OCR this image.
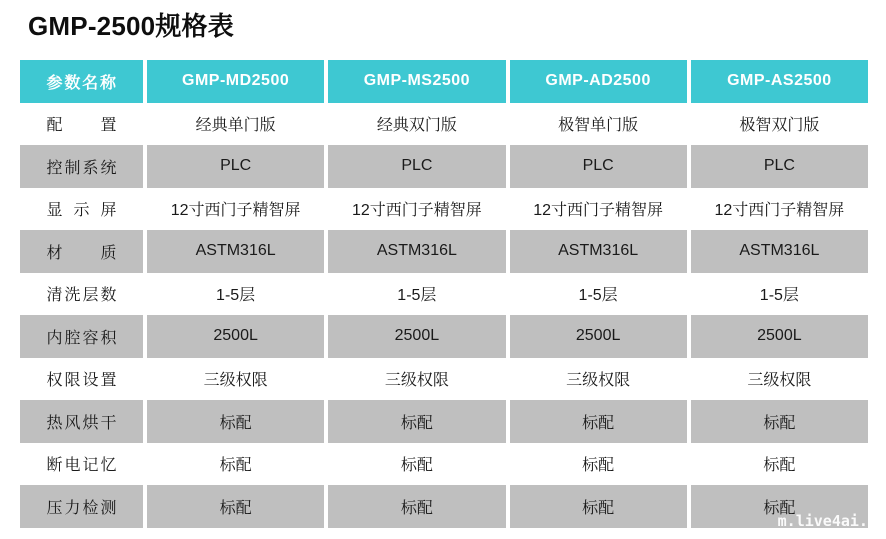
GMP-2500规格表
参数名称	GMP-MD2500	GMP-MS2500	GMP-AD2500	GMP-AS2500
配置	经典单门版	经典双门版	极智单门版	极智双门版
控制系统	PLC	PLC	PLC	PLC
显示屏	12寸西门子精智屏	12寸西门子精智屏	12寸西门子精智屏	12寸西门子精智屏
材质	ASTM316L	ASTM316L	ASTM316L	ASTM316L
清洗层数	1-5层	1-5层	1-5层	1-5层
内腔容积	2500L	2500L	2500L	2500L
权限设置	三级权限	三级权限	三级权限	三级权限
热风烘干	标配	标配	标配	标配
断电记忆	标配	标配	标配	标配
压力检测	标配	标配	标配	标配
m.live4ai.c
